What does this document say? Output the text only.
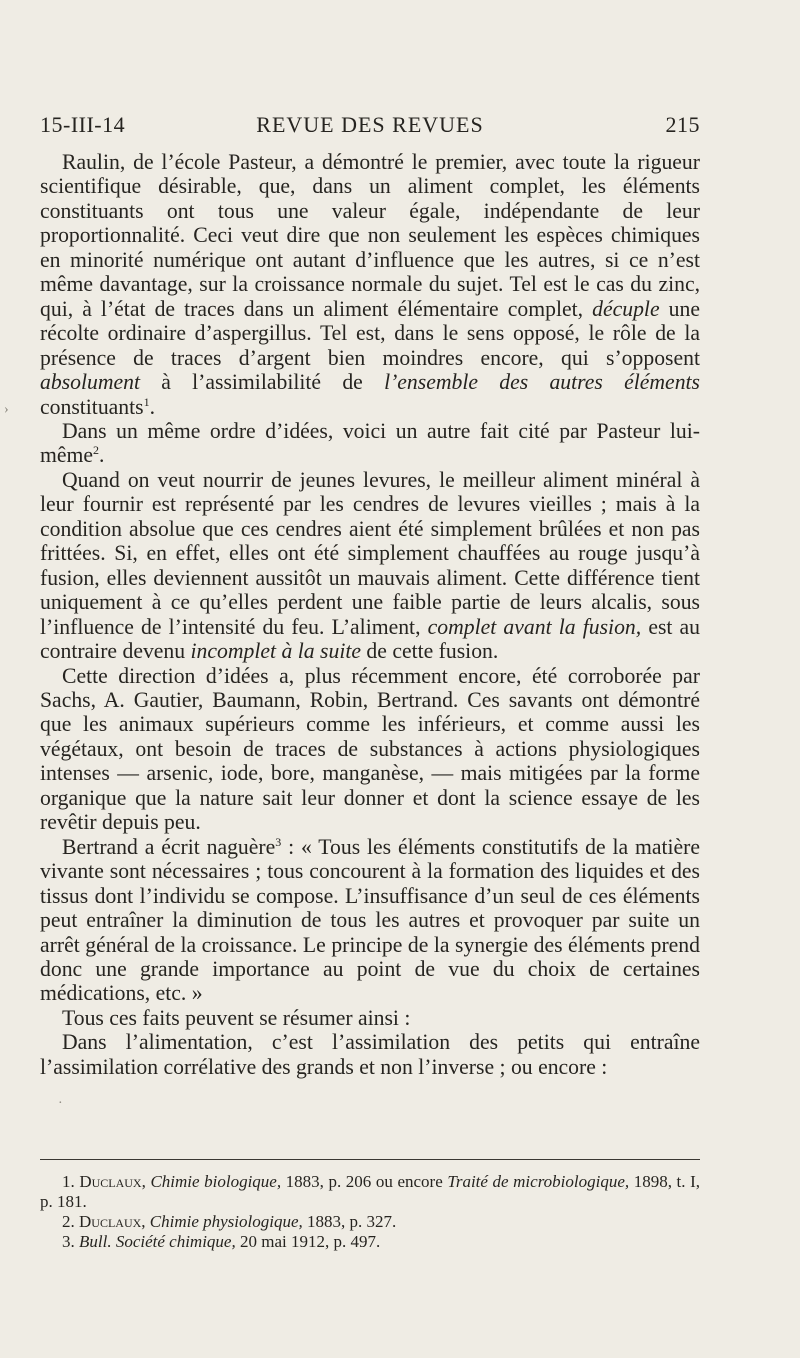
15-III-14	REVUE DES REVUES	215

Raulin, de l’école Pasteur, a démontré le premier, avec toute la rigueur scientifique désirable, que, dans un aliment complet, les éléments constituants ont tous une valeur égale, indépendante de leur proportionnalité. Ceci veut dire que non seulement les espèces chimiques en minorité numérique ont autant d’influence que les autres, si ce n’est même davantage, sur la croissance normale du sujet. Tel est le cas du zinc, qui, à l’état de traces dans un aliment élémentaire complet, décuple une récolte ordinaire d’aspergillus. Tel est, dans le sens opposé, le rôle de la présence de traces d’argent bien moindres encore, qui s’opposent absolument à l’assimilabilité de l’ensemble des autres éléments constituants$^1$.

Dans un même ordre d’idées, voici un autre fait cité par Pasteur lui-même$^2$.

Quand on veut nourrir de jeunes levures, le meilleur aliment minéral à leur fournir est représenté par les cendres de levures vieilles ; mais à la condition absolue que ces cendres aient été simplement brûlées et non pas frittées. Si, en effet, elles ont été simplement chauffées au rouge jusqu’à fusion, elles deviennent aussitôt un mauvais aliment. Cette différence tient uniquement à ce qu’elles perdent une faible partie de leurs alcalis, sous l’influence de l’intensité du feu. L’aliment, complet avant la fusion, est au contraire devenu incomplet à la suite de cette fusion.

Cette direction d’idées a, plus récemment encore, été corroborée par Sachs, A. Gautier, Baumann, Robin, Bertrand. Ces savants ont démontré que les animaux supérieurs comme les inférieurs, et comme aussi les végétaux, ont besoin de traces de substances à actions physiologiques intenses — arsenic, iode, bore, manganèse, — mais mitigées par la forme organique que la nature sait leur donner et dont la science essaye de les revêtir depuis peu.

Bertrand a écrit naguère$^3$ : « Tous les éléments constitutifs de la matière vivante sont nécessaires ; tous concourent à la formation des liquides et des tissus dont l’individu se compose. L’insuffisance d’un seul de ces éléments peut entraîner la diminution de tous les autres et provoquer par suite un arrêt général de la croissance. Le principe de la synergie des éléments prend donc une grande importance au point de vue du choix de certaines médications, etc. »

Tous ces faits peuvent se résumer ainsi :

Dans l’alimentation, c’est l’assimilation des petits qui entraîne l’assimilation corrélative des grands et non l’inverse ; ou encore :

1. Duclaux, Chimie biologique, 1883, p. 206 ou encore Traité de microbiologique, 1898, t. I, p. 181.

2. Duclaux, Chimie physiologique, 1883, p. 327.

3. Bull. Société chimique, 20 mai 1912, p. 497.

›
·
